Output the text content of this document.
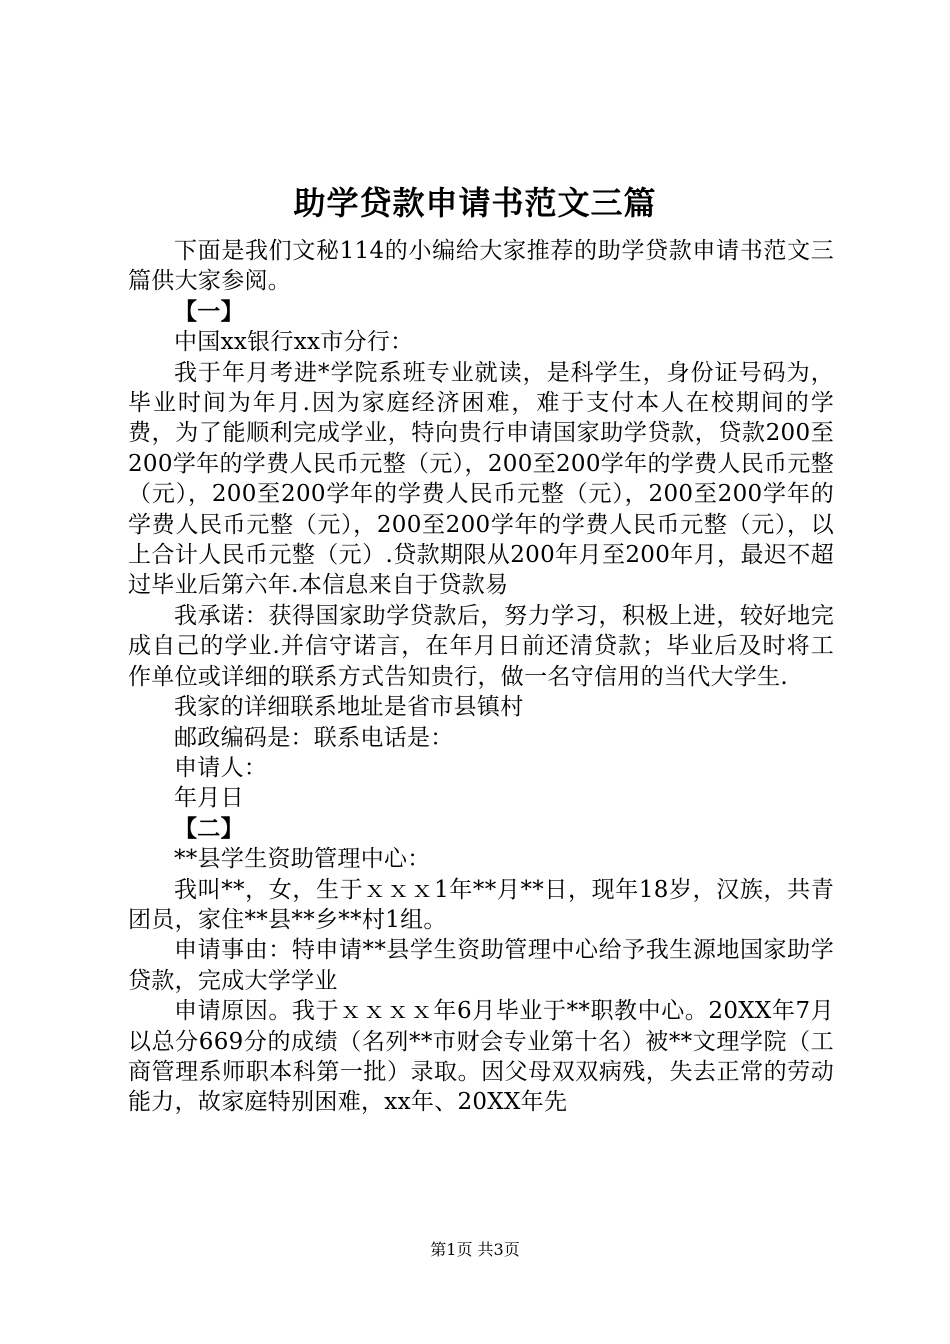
助学贷款申请书范文三篇

下面是我们文秘114的小编给大家推荐的助学贷款申请书范文三篇供大家参阅。

【一】

中国xx银行xx市分行：

我于年月考进*学院系班专业就读，是科学生，身份证号码为，毕业时间为年月.因为家庭经济困难，难于支付本人在校期间的学费，为了能顺利完成学业，特向贵行申请国家助学贷款，贷款200至200学年的学费人民币元整（元），200至200学年的学费人民币元整（元），200至200学年的学费人民币元整（元），200至200学年的学费人民币元整（元），200至200学年的学费人民币元整（元），以上合计人民币元整（元）.贷款期限从200年月至200年月，最迟不超过毕业后第六年.本信息来自于贷款易

我承诺：获得国家助学贷款后，努力学习，积极上进，较好地完成自己的学业.并信守诺言，在年月日前还清贷款；毕业后及时将工作单位或详细的联系方式告知贵行，做一名守信用的当代大学生.

我家的详细联系地址是省市县镇村

邮政编码是：联系电话是：

申请人：

年月日

【二】

**县学生资助管理中心：

我叫**，女，生于ｘｘｘ1年**月**日，现年18岁，汉族，共青团员，家住**县**乡**村1组。

申请事由：特申请**县学生资助管理中心给予我生源地国家助学贷款，完成大学学业

申请原因。我于ｘｘｘｘ年6月毕业于**职教中心。20XX年7月以总分669分的成绩（名列**市财会专业第十名）被**文理学院（工商管理系师职本科第一批）录取。因父母双双病残，失去正常的劳动能力，故家庭特别困难，xx年、20XX年先

第1页 共3页
